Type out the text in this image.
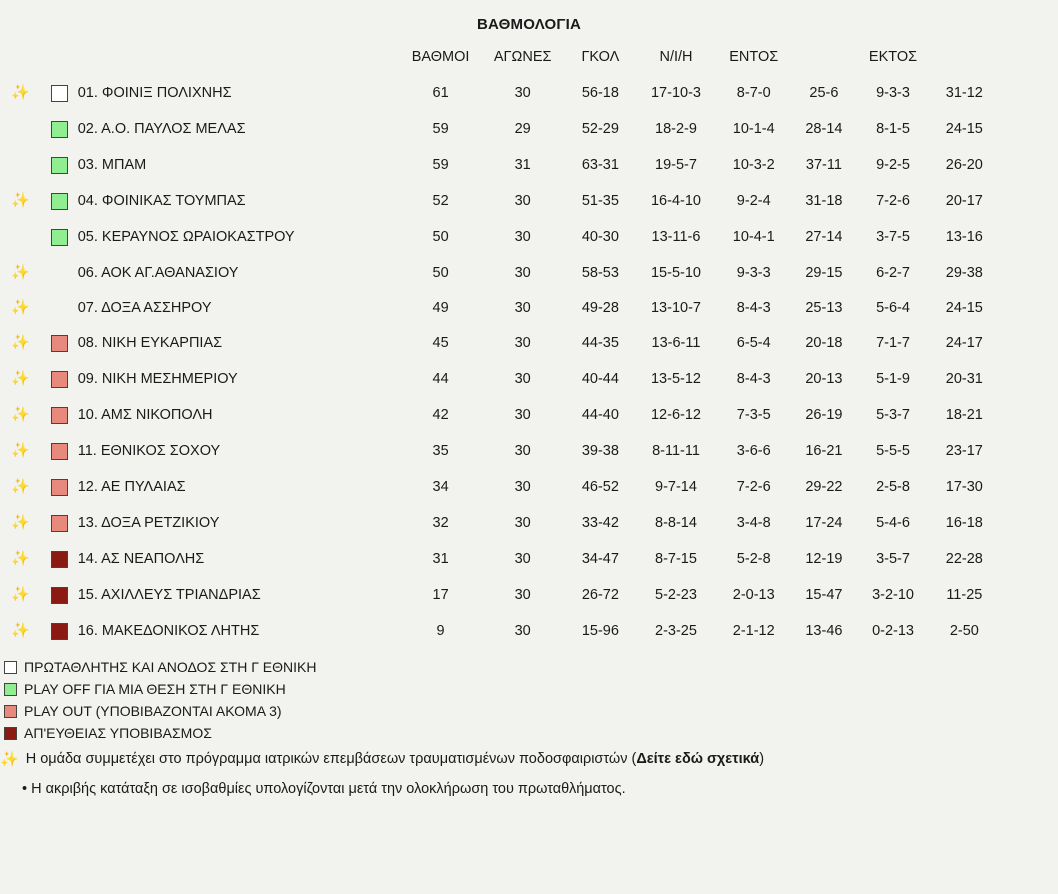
ΒΑΘΜΟΛΟΓΙΑ
			ΒΑΘΜΟΙ	ΑΓΩΝΕΣ	ΓΚΟΛ	Ν/Ι/Η	ΕΝΤΟΣ		ΕΚΤΟΣ	
✨		01. ΦΟΙΝΙΞ ΠΟΛΙΧΝΗΣ	61	30	56-18	17-10-3	8-7-0	25-6	9-3-3	31-12
		02. Α.Ο. ΠΑΥΛΟΣ ΜΕΛΑΣ	59	29	52-29	18-2-9	10-1-4	28-14	8-1-5	24-15
		03. ΜΠΑΜ	59	31	63-31	19-5-7	10-3-2	37-11	9-2-5	26-20
✨		04. ΦΟΙΝΙΚΑΣ ΤΟΥΜΠΑΣ	52	30	51-35	16-4-10	9-2-4	31-18	7-2-6	20-17
		05. ΚΕΡΑΥΝΟΣ ΩΡΑΙΟΚΑΣΤΡΟΥ	50	30	40-30	13-11-6	10-4-1	27-14	3-7-5	13-16
✨		06. ΑΟΚ ΑΓ.ΑΘΑΝΑΣΙΟΥ	50	30	58-53	15-5-10	9-3-3	29-15	6-2-7	29-38
✨		07. ΔΟΞΑ ΑΣΣΗΡΟΥ	49	30	49-28	13-10-7	8-4-3	25-13	5-6-4	24-15
✨		08. ΝΙΚΗ ΕΥΚΑΡΠΙΑΣ	45	30	44-35	13-6-11	6-5-4	20-18	7-1-7	24-17
✨		09. ΝΙΚΗ ΜΕΣΗΜΕΡΙΟΥ	44	30	40-44	13-5-12	8-4-3	20-13	5-1-9	20-31
✨		10. ΑΜΣ ΝΙΚΟΠΟΛΗ	42	30	44-40	12-6-12	7-3-5	26-19	5-3-7	18-21
✨		11. ΕΘΝΙΚΟΣ ΣΟΧΟΥ	35	30	39-38	8-11-11	3-6-6	16-21	5-5-5	23-17
✨		12. ΑΕ ΠΥΛΑΙΑΣ	34	30	46-52	9-7-14	7-2-6	29-22	2-5-8	17-30
✨		13. ΔΟΞΑ ΡΕΤΖΙΚΙΟΥ	32	30	33-42	8-8-14	3-4-8	17-24	5-4-6	16-18
✨		14. ΑΣ ΝΕΑΠΟΛΗΣ	31	30	34-47	8-7-15	5-2-8	12-19	3-5-7	22-28
✨		15. ΑΧΙΛΛΕΥΣ ΤΡΙΑΝΔΡΙΑΣ	17	30	26-72	5-2-23	2-0-13	15-47	3-2-10	11-25
✨		16. ΜΑΚΕΔΟΝΙΚΟΣ ΛΗΤΗΣ	9	30	15-96	2-3-25	2-1-12	13-46	0-2-13	2-50
ΠΡΩΤΑΘΛΗΤΗΣ ΚΑΙ ΑΝΟΔΟΣ ΣΤΗ Γ ΕΘΝΙΚΗ
PLAY OFF ΓΙΑ ΜΙΑ ΘΕΣΗ ΣΤΗ Γ ΕΘΝΙΚΗ
PLAY OUT (ΥΠΟΒΙΒΑΖΟΝΤΑΙ ΑΚΟΜΑ 3)
ΑΠ'ΕΥΘΕΙΑΣ ΥΠΟΒΙΒΑΣΜΟΣ
✨ Η ομάδα συμμετέχει στο πρόγραμμα ιατρικών επεμβάσεων τραυματισμένων ποδοσφαιριστών (Δείτε εδώ σχετικά)
• Η ακριβής κατάταξη σε ισοβαθμίες υπολογίζονται μετά την ολοκλήρωση του πρωταθλήματος.
